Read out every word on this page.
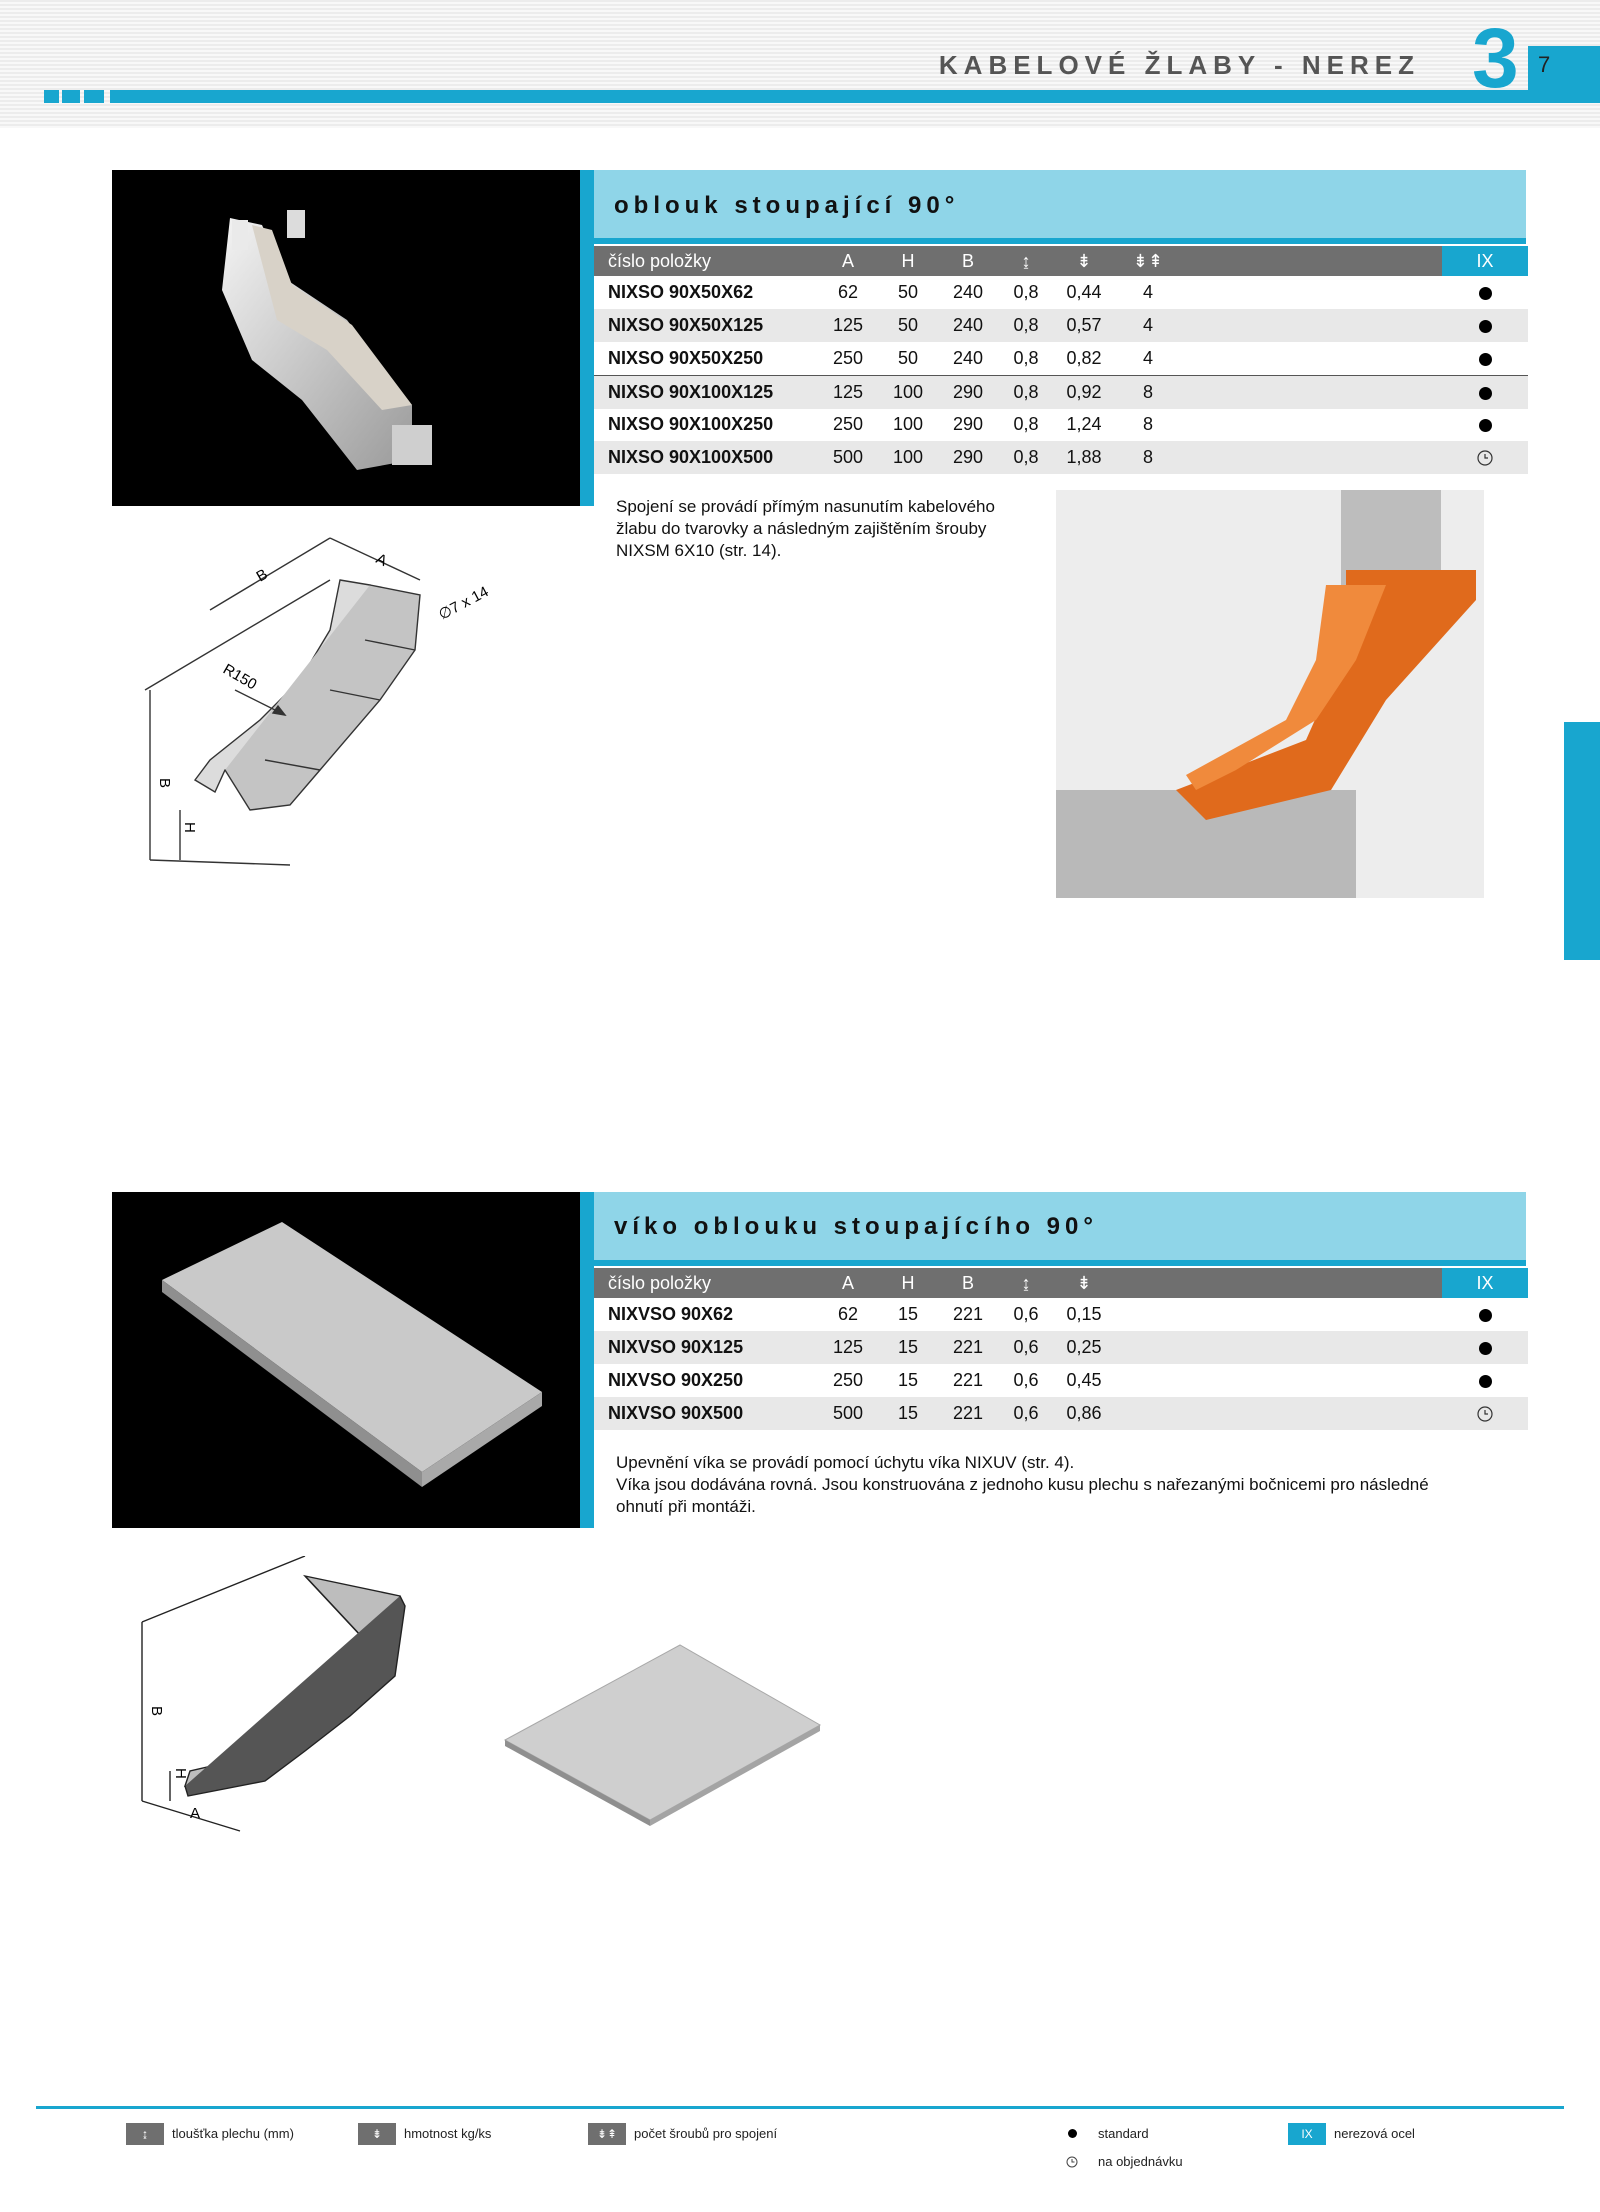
KABELOVÉ ŽLABY - NEREZ 3 7
oblouk stoupající 90°
číslo položky	A	H	B	↨	⇟	⇟⇞	IX
NIXSO 90X50X62	62	50	240	0,8	0,44	4
NIXSO 90X50X125	125	50	240	0,8	0,57	4
NIXSO 90X50X250	250	50	240	0,8	0,82	4
NIXSO 90X100X125	125	100	290	0,8	0,92	8
NIXSO 90X100X250	250	100	290	0,8	1,24	8
NIXSO 90X100X500	500	100	290	0,8	1,88	8
Spojení se provádí přímým nasunutím kabelového
žlabu do tvarovky a následným zajištěním šrouby
NIXSM 6X10 (str. 14).
B
A
R150
∅7 x 14
B
H
víko oblouku stoupajícího 90°
číslo položky	A	H	B	↨	⇟	IX
NIXVSO 90X62	62	15	221	0,6	0,15
NIXVSO 90X125	125	15	221	0,6	0,25
NIXVSO 90X250	250	15	221	0,6	0,45
NIXVSO 90X500	500	15	221	0,6	0,86
Upevnění víka se provádí pomocí úchytu víka NIXUV (str. 4).
Víka jsou dodávána rovná. Jsou konstruována z jednoho kusu plechu s nařezanými bočnicemi pro následné
ohnutí při montáži.
B
H
A
↨	tloušťka plechu (mm)	⇟	hmotnost kg/ks	⇟⇞	počet šroubů pro spojení	standard
na objednávku
IX	nerezová ocel
